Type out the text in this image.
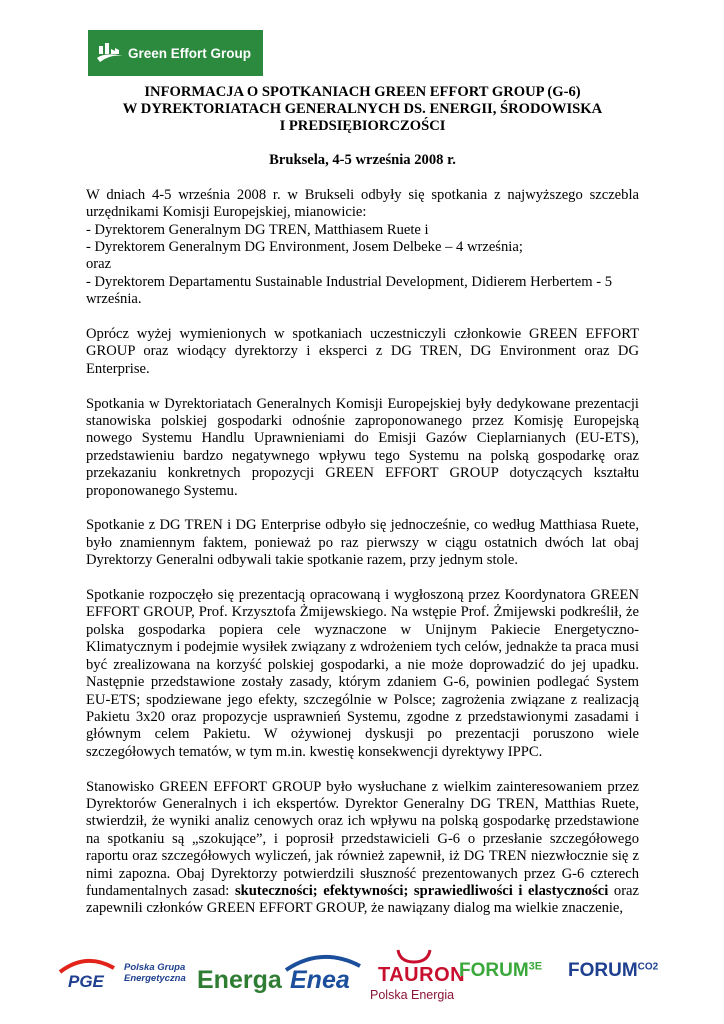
Green Effort Group

INFORMACJA O SPOTKANIACH GREEN EFFORT GROUP (G-6)
W DYREKTORIATACH GENERALNYCH DS. ENERGII, ŚRODOWISKA
I PREDSIĘBIORCZOŚCI

Bruksela, 4-5 września 2008 r.

W dniach 4-5 września 2008 r. w Brukseli odbyły się spotkania z najwyższego szczebla urzędnikami Komisji Europejskiej, mianowicie:

- Dyrektorem Generalnym DG TREN, Matthiasem Ruete i
- Dyrektorem Generalnym DG Environment, Josem Delbeke – 4 września;
oraz
- Dyrektorem Departamentu Sustainable Industrial Development, Didierem Herbertem - 5 września.

Oprócz wyżej wymienionych w spotkaniach uczestniczyli członkowie GREEN EFFORT GROUP oraz wiodący dyrektorzy i eksperci z DG TREN, DG Environment oraz DG Enterprise.

Spotkania w Dyrektoriatach Generalnych Komisji Europejskiej były dedykowane prezentacji stanowiska polskiej gospodarki odnośnie zaproponowanego przez Komisję Europejską nowego Systemu Handlu Uprawnieniami do Emisji Gazów Cieplarnianych (EU-ETS), przedstawieniu bardzo negatywnego wpływu tego Systemu na polską gospodarkę oraz przekazaniu konkretnych propozycji GREEN EFFORT GROUP dotyczących kształtu proponowanego Systemu.

Spotkanie z DG TREN i DG Enterprise odbyło się jednocześnie, co według Matthiasa Ruete, było znamiennym faktem, ponieważ po raz pierwszy w ciągu ostatnich dwóch lat obaj Dyrektorzy Generalni odbywali takie spotkanie razem, przy jednym stole.

Spotkanie rozpoczęło się prezentacją opracowaną i wygłoszoną przez Koordynatora GREEN EFFORT GROUP, Prof. Krzysztofa Żmijewskiego. Na wstępie Prof. Żmijewski podkreślił, że polska gospodarka popiera cele wyznaczone w Unijnym Pakiecie Energetyczno-Klimatycznym i podejmie wysiłek związany z wdrożeniem tych celów, jednakże ta praca musi być zrealizowana na korzyść polskiej gospodarki, a nie może doprowadzić do jej upadku. Następnie przedstawione zostały zasady, którym zdaniem G-6, powinien podlegać System EU-ETS; spodziewane jego efekty, szczególnie w Polsce; zagrożenia związane z realizacją Pakietu 3x20 oraz propozycje usprawnień Systemu, zgodne z przedstawionymi zasadami i głównym celem Pakietu. W ożywionej dyskusji po prezentacji poruszono wiele szczegółowych tematów, w tym m.in. kwestię konsekwencji dyrektywy IPPC.

Stanowisko GREEN EFFORT GROUP było wysłuchane z wielkim zainteresowaniem przez Dyrektorów Generalnych i ich ekspertów. Dyrektor Generalny DG TREN, Matthias Ruete, stwierdził, że wyniki analiz cenowych oraz ich wpływu na polską gospodarkę przedstawione na spotkaniu są „szokujące”, i poprosił przedstawicieli G-6 o przesłanie szczegółowego raportu oraz szczegółowych wyliczeń, jak również zapewnił, iż DG TREN niezwłocznie się z nimi zapozna. Obaj Dyrektorzy potwierdzili słuszność prezentowanych przez G-6 czterech fundamentalnych zasad: skuteczności; efektywności; sprawiedliwości i elastyczności oraz zapewnili członków GREEN EFFORT GROUP, że nawiązany dialog ma wielkie znaczenie,

PGE
Polska Grupa
Energetyczna Energa Enea TAURON
Polska Energia
$FORUM^{3E}$ $FORUM^{CO2}$
